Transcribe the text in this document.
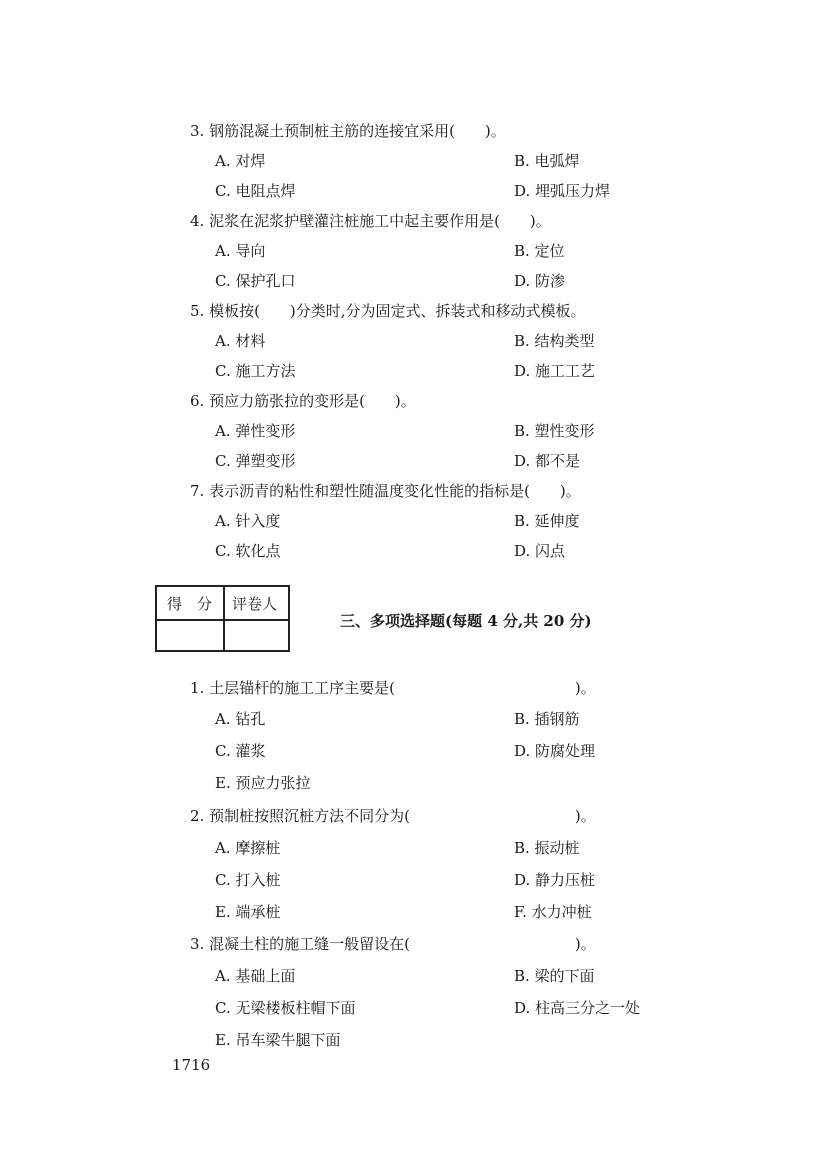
3. 钢筋混凝土预制桩主筋的连接宜采用(　　)。
A. 对焊	B. 电弧焊
C. 电阻点焊	D. 埋弧压力焊
4. 泥浆在泥浆护壁灌注桩施工中起主要作用是(　　)。
A. 导向	B. 定位
C. 保护孔口	D. 防渗
5. 模板按(　　)分类时,分为固定式、拆装式和移动式模板。
A. 材料	B. 结构类型
C. 施工方法	D. 施工工艺
6. 预应力筋张拉的变形是(　　)。
A. 弹性变形	B. 塑性变形
C. 弹塑变形	D. 都不是
7. 表示沥青的粘性和塑性随温度变化性能的指标是(　　)。
A. 针入度	B. 延伸度
C. 软化点	D. 闪点
得　分 评卷人
三、多项选择题(每题 4 分,共 20 分)
1. 土层锚杆的施工工序主要是(　　　　　　　　　　　　)。
A. 钻孔	B. 插钢筋
C. 灌浆	D. 防腐处理
E. 预应力张拉
2. 预制桩按照沉桩方法不同分为(　　　　　　　　　　　)。
A. 摩擦桩	B. 振动桩
C. 打入桩	D. 静力压桩
E. 端承桩	F. 水力冲桩
3. 混凝土柱的施工缝一般留设在(　　　　　　　　　　　)。
A. 基础上面	B. 梁的下面
C. 无梁楼板柱帽下面	D. 柱高三分之一处
E. 吊车梁牛腿下面
1716
